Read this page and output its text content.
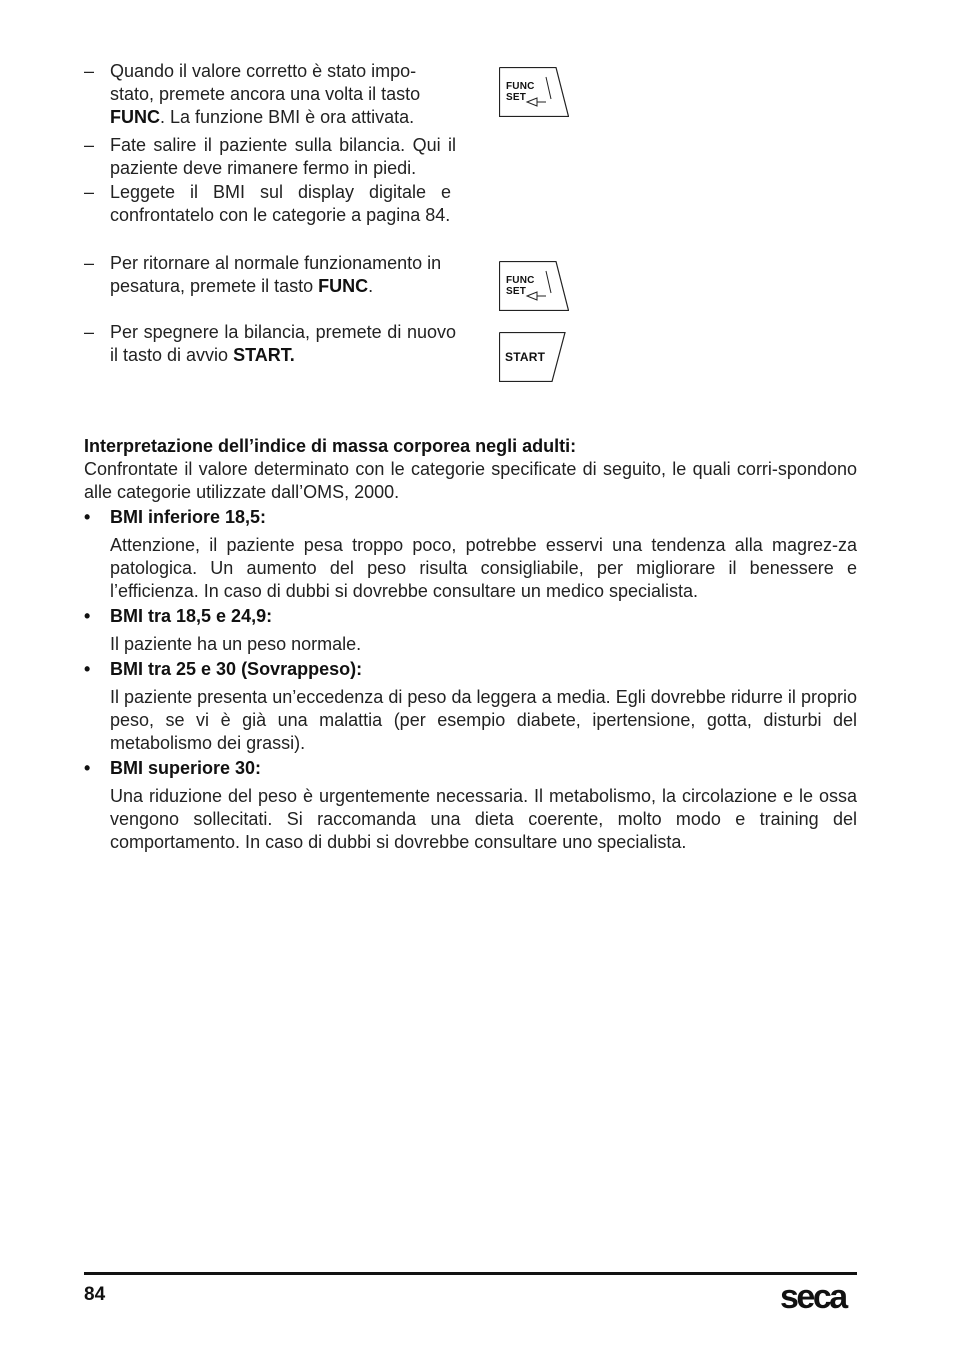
– Quando il valore corretto è stato impo-
stato, premete ancora una volta il tasto
FUNC. La funzione BMI è ora attivata.
– Fate salire il paziente sulla bilancia. Qui il paziente deve rimanere fermo in piedi.
– Leggete il BMI sul display digitale e confrontatelo con le categorie a pagina 84.
– Per ritornare al normale funzionamento in pesatura, premete il tasto FUNC.
– Per spegnere la bilancia, premete di nuovo il tasto di avvio START.
FUNC
SET
FUNC
SET
START
Interpretazione dell’indice di massa corporea negli adulti:
Confrontate il valore determinato con le categorie specificate di seguito, le quali corri-spondono alle categorie utilizzate dall’OMS, 2000.
•	BMI inferiore 18,5:
Attenzione, il paziente pesa troppo poco, potrebbe esservi una tendenza alla magrez-za patologica. Un aumento del peso risulta consigliabile, per migliorare il benessere e l’efficienza. In caso di dubbi si dovrebbe consultare un medico specialista.
•	BMI tra 18,5 e 24,9:
Il paziente ha un peso normale.
•	BMI tra 25 e 30 (Sovrappeso):
Il paziente presenta un’eccedenza di peso da leggera a media. Egli dovrebbe ridurre il proprio peso, se vi è già una malattia (per esempio diabete, ipertensione, gotta, disturbi del metabolismo dei grassi).
•	BMI superiore 30:
Una riduzione del peso è urgentemente necessaria. Il metabolismo, la circolazione e le ossa vengono sollecitati. Si raccomanda una dieta coerente, molto modo e training del comportamento. In caso di dubbi si dovrebbe consultare uno specialista.
84	seca
